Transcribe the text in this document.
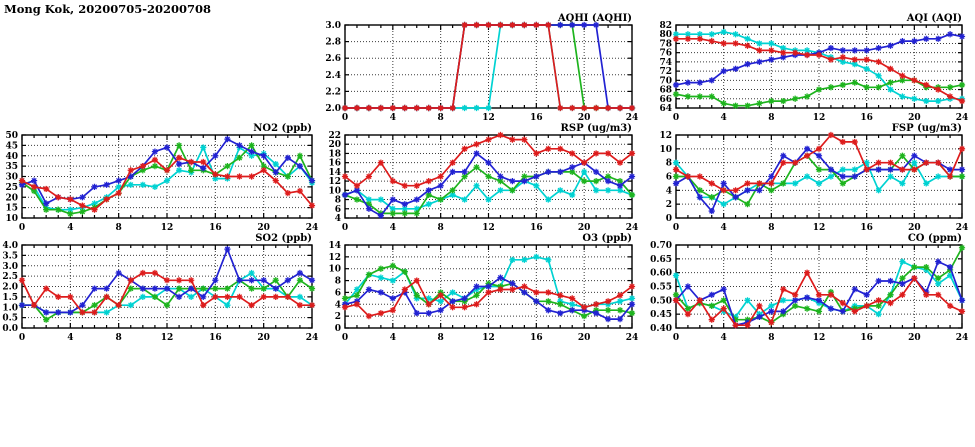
Mong Kok, 20200705-20200708
AQHI (AQHI)
2.0
2.2
2.4
2.6
2.8
3.0
0	4	8	12	16	20	24
AQI (AQI)
64
66
68
70
72
74
76
78
80
82
0	4	8	12	16	20	24
NO2 (ppb)
10
15
20
25
30
35
40
45
50
0	4	8	12	16	20	24
RSP (ug/m3)
4
6
8
10
12
14
16
18
20
22
0	4	8	12	16	20	24
FSP (ug/m3)
0
2
4
6
8
10
12
0	4	8	12	16	20	24
SO2 (ppb)
0.0
0.5
1.0
1.5
2.0
2.5
3.0
3.5
4.0
0	4	8	12	16	20	24
O3 (ppb)
0
2
4
6
8
10
12
14
0	4	8	12	16	20	24
CO (ppm)
0.40
0.45
0.50
0.55
0.60
0.65
0.70
0	4	8	12	16	20	24
